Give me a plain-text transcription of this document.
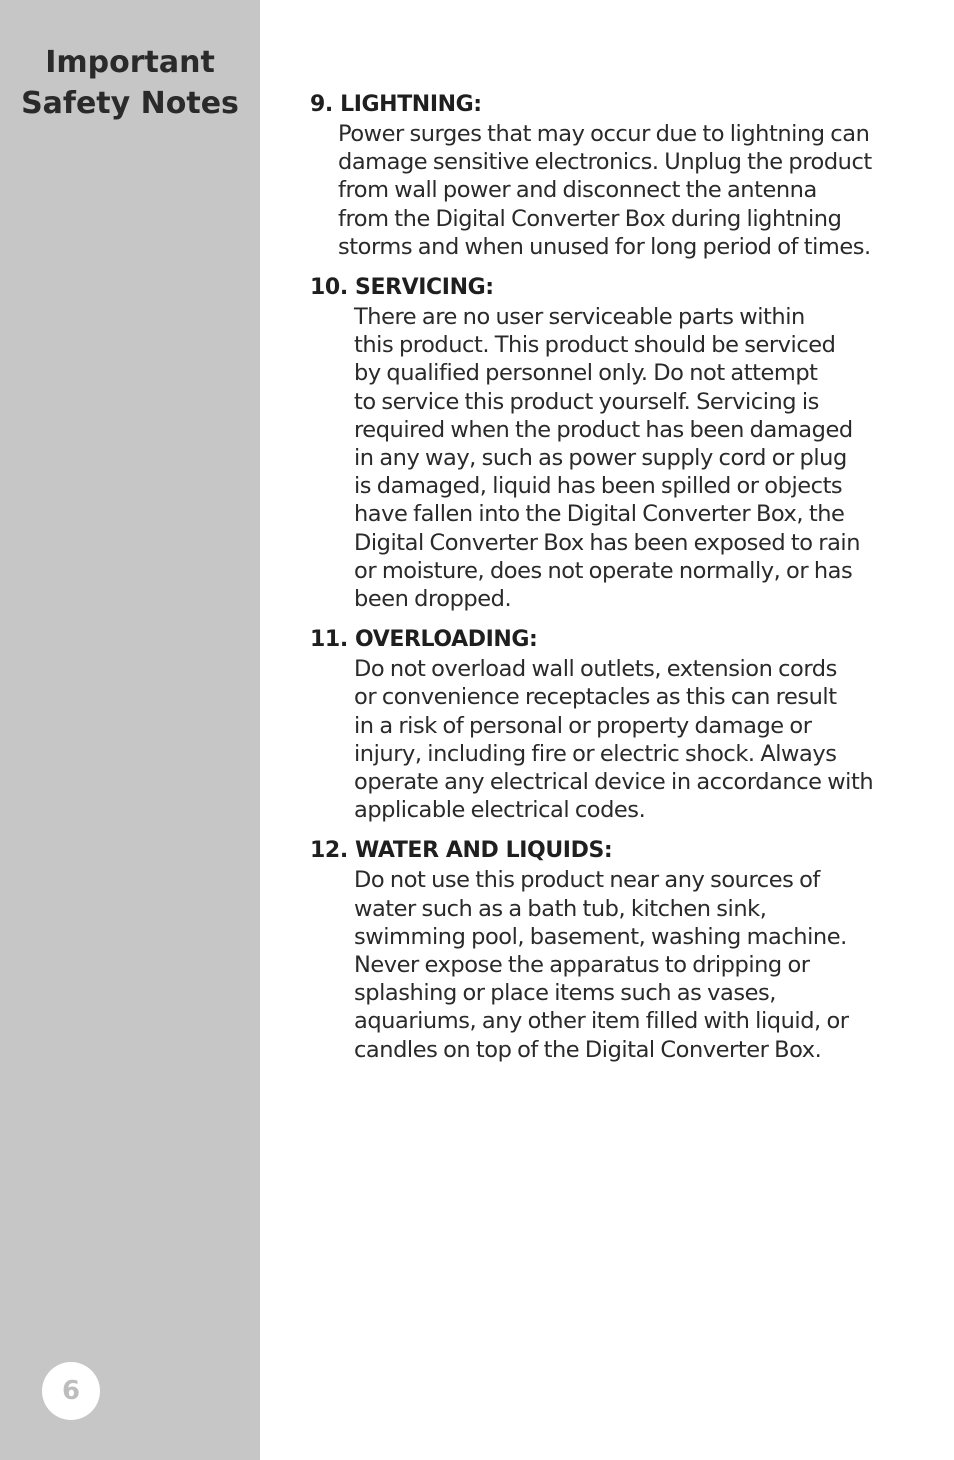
Important
Safety Notes
6
9. LIGHTNING:
Power surges that may occur due to lightning can
damage sensitive electronics. Unplug the product
from wall power and disconnect the antenna
from the Digital Converter Box during lightning
storms and when unused for long period of times.
10. SERVICING:
There are no user serviceable parts within
this product. This product should be serviced
by qualified personnel only. Do not attempt
to service this product yourself. Servicing is
required when the product has been damaged
in any way, such as power supply cord or plug
is damaged, liquid has been spilled or objects
have fallen into the Digital Converter Box, the
Digital Converter Box has been exposed to rain
or moisture, does not operate normally, or has
been dropped.
11. OVERLOADING:
Do not overload wall outlets, extension cords
or convenience receptacles as this can result
in a risk of personal or property damage or
injury, including fire or electric shock. Always
operate any electrical device in accordance with
applicable electrical codes.
12. WATER AND LIQUIDS:
Do not use this product near any sources of
water such as a bath tub, kitchen sink,
swimming pool, basement, washing machine.
Never expose the apparatus to dripping or
splashing or place items such as vases,
aquariums, any other item filled with liquid, or
candles on top of the Digital Converter Box.
